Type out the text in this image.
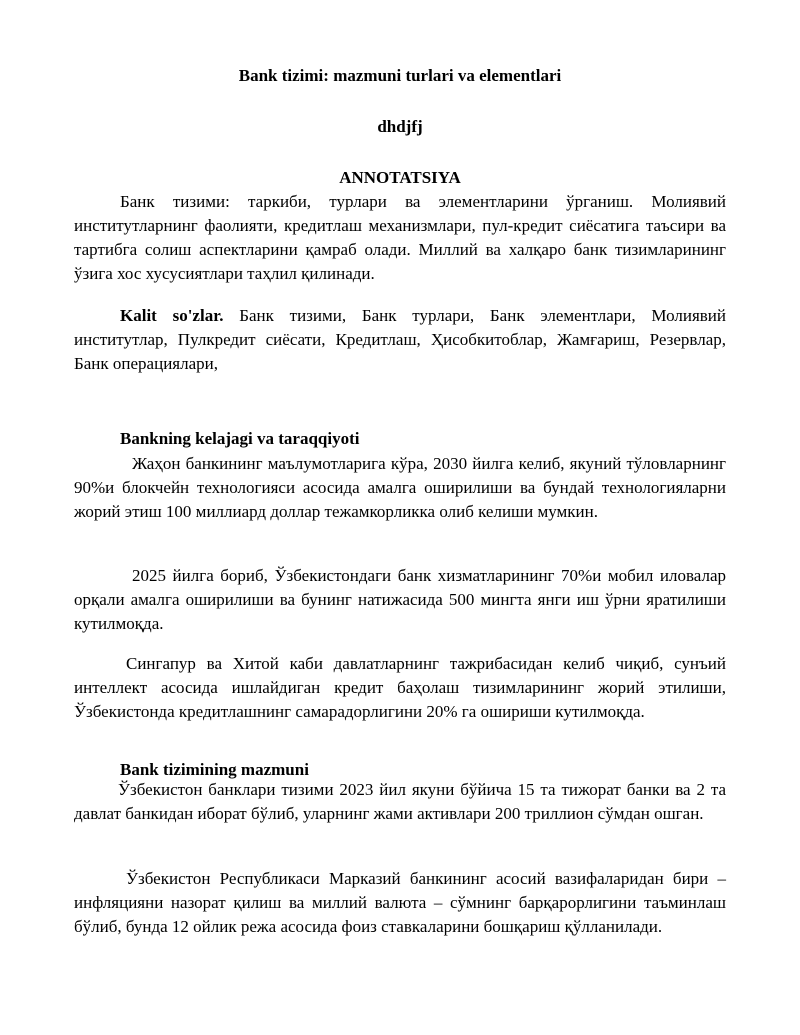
Bank tizimi: mazmuni turlari va elementlari
dhdjfj
ANNOTATSIYA

Банк тизими: таркиби, турлари ва элементларини ўрганиш. Молиявий институтларнинг фаолияти, кредитлаш механизмлари, пул-кредит сиёсатига таъсири ва тартибга солиш аспектларини қамраб олади. Миллий ва халқаро банк тизимларининг ўзига хос хусусиятлари таҳлил қилинади.

Kalit so'zlar. Банк тизими, Банк турлари, Банк элементлари, Молиявий институтлар, Пулкредит сиёсати, Кредитлаш, Ҳисобкитоблар, Жамғариш, Резервлар, Банк операциялари,

Bankning kelajagi va taraqqiyoti

Жаҳон банкининг маълумотларига кўра, 2030 йилга келиб, якуний тўловларнинг 90%и блокчейн технологияси асосида амалга оширилиши ва бундай технологияларни жорий этиш 100 миллиард доллар тежамкорликка олиб келиши мумкин.

2025 йилга бориб, Ўзбекистондаги банк хизматларининг 70%и мобил иловалар орқали амалга оширилиши ва бунинг натижасида 500 мингта янги иш ўрни яратилиши кутилмоқда.

Сингапур ва Хитой каби давлатларнинг тажрибасидан келиб чиқиб, сунъий интеллект асосида ишлайдиган кредит баҳолаш тизимларининг жорий этилиши, Ўзбекистонда кредитлашнинг самарадорлигини 20% га ошириши кутилмоқда.

Bank tizimining mazmuni

Ўзбекистон банклари тизими 2023 йил якуни бўйича 15 та тижорат банки ва 2 та давлат банкидан иборат бўлиб, уларнинг жами активлари 200 триллион сўмдан ошган.

Ўзбекистон Республикаси Марказий банкининг асосий вазифаларидан бири – инфляцияни назорат қилиш ва миллий валюта – сўмнинг барқарорлигини таъминлаш бўлиб, бунда 12 ойлик режа асосида фоиз ставкаларини бошқариш қўлланилади.
